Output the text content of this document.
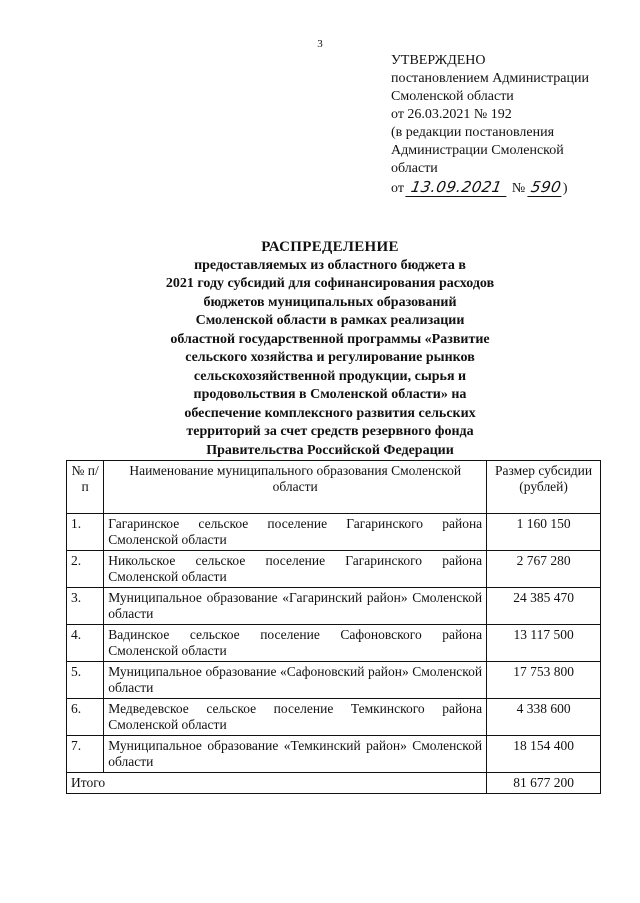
3
УТВЕРЖДЕНО
постановлением Администрации
Смоленской области
от 26.03.2021 № 192
(в редакции постановления
Администрации Смоленской
области
от 13.09.2021 № 590)
РАСПРЕДЕЛЕНИЕ
предоставляемых из областного бюджета в
2021 году субсидий для софинансирования расходов
бюджетов муниципальных образований
Смоленской области в рамках реализации
областной государственной программы «Развитие
сельского хозяйства и регулирование рынков
сельскохозяйственной продукции, сырья и
продовольствия в Смоленской области» на
обеспечение комплексного развития сельских
территорий за счет средств резервного фонда
Правительства Российской Федерации
№ п/п	Наименование муниципального образования Смоленской области	Размер субсидии (рублей)
1.	Гагаринское сельское поселение Гагаринского района Смоленской области	1 160 150
2.	Никольское сельское поселение Гагаринского района Смоленской области	2 767 280
3.	Муниципальное образование «Гагаринский район» Смоленской области	24 385 470
4.	Вадинское сельское поселение Сафоновского района Смоленской области	13 117 500
5.	Муниципальное образование «Сафоновский район» Смоленской области	17 753 800
6.	Медведевское сельское поселение Темкинского района Смоленской области	4 338 600
7.	Муниципальное образование «Темкинский район» Смоленской области	18 154 400
Итого		81 677 200
